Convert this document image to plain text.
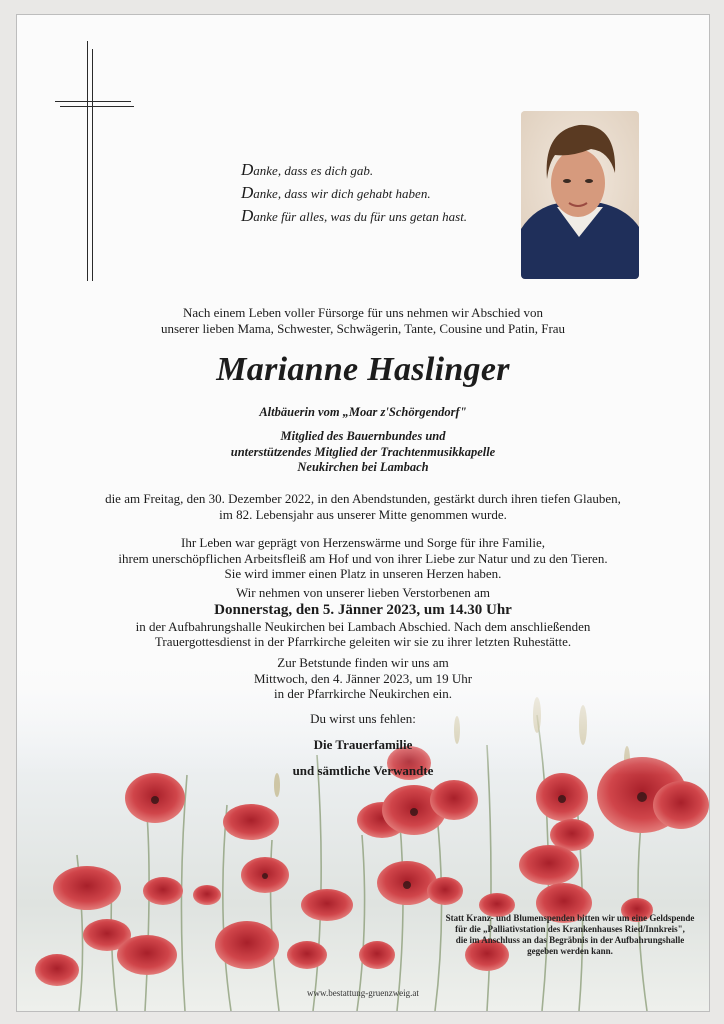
Danke, dass es dich gab.
Danke, dass wir dich gehabt haben.
Danke für alles, was du für uns getan hast.
Nach einem Leben voller Fürsorge für uns nehmen wir Abschied von
unserer lieben Mama, Schwester, Schwägerin, Tante, Cousine und Patin, Frau
Marianne Haslinger
Altbäuerin vom „Moar z'Schörgendorf"
Mitglied des Bauernbundes und
unterstützendes Mitglied der Trachtenmusikkapelle
Neukirchen bei Lambach
die am Freitag, den 30. Dezember 2022, in den Abendstunden, gestärkt durch ihren tiefen Glauben,
im 82. Lebensjahr aus unserer Mitte genommen wurde.
Ihr Leben war geprägt von Herzenswärme und Sorge für ihre Familie,
ihrem unerschöpflichen Arbeitsfleiß am Hof und von ihrer Liebe zur Natur und zu den Tieren.
Sie wird immer einen Platz in unseren Herzen haben.
Wir nehmen von unserer lieben Verstorbenen am
Donnerstag, den 5. Jänner 2023, um 14.30 Uhr
in der Aufbahrungshalle Neukirchen bei Lambach Abschied. Nach dem anschließenden
Trauergottesdienst in der Pfarrkirche geleiten wir sie zu ihrer letzten Ruhestätte.
Zur Betstunde finden wir uns am
Mittwoch, den 4. Jänner 2023, um 19 Uhr
in der Pfarrkirche Neukirchen ein.
Du wirst uns fehlen:
Die Trauerfamilie
und sämtliche Verwandte
Statt Kranz- und Blumenspenden bitten wir um eine Geldspende
für die „Palliativstation des Krankenhauses Ried/Innkreis",
die im Anschluss an das Begräbnis in der Aufbahrungshalle
gegeben werden kann.
www.bestattung-gruenzweig.at
